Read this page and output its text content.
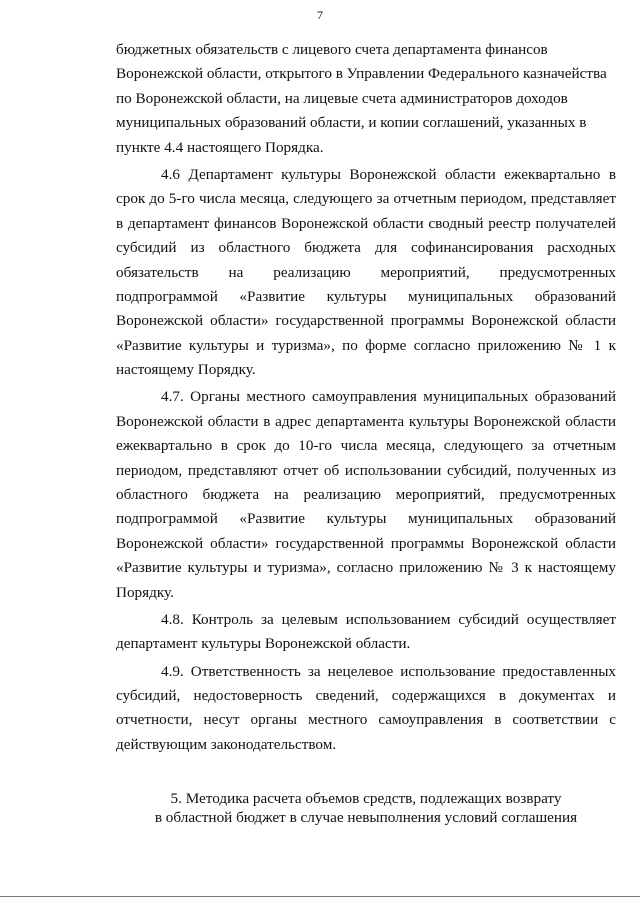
7
бюджетных обязательств с лицевого счета департамента финансов
Воронежской области, открытого в Управлении Федерального казначейства
по Воронежской области, на лицевые счета администраторов доходов
муниципальных образований области, и копии соглашений, указанных в
пункте 4.4 настоящего Порядка.

4.6 Департамент культуры Воронежской области ежеквартально в срок до 5-го числа месяца, следующего за отчетным периодом, представляет в департамент финансов Воронежской области сводный реестр получателей субсидий из областного бюджета для софинансирования расходных обязательств на реализацию мероприятий, предусмотренных подпрограммой «Развитие культуры муниципальных образований Воронежской области» государственной программы Воронежской области «Развитие культуры и туризма», по форме согласно приложению № 1 к настоящему Порядку.

4.7. Органы местного самоуправления муниципальных образований Воронежской области в адрес департамента культуры Воронежской области ежеквартально в срок до 10-го числа месяца, следующего за отчетным периодом, представляют отчет об использовании субсидий, полученных из областного бюджета на реализацию мероприятий, предусмотренных подпрограммой «Развитие культуры муниципальных образований Воронежской области» государственной программы Воронежской области «Развитие культуры и туризма», согласно приложению № 3 к настоящему Порядку.

4.8. Контроль за целевым использованием субсидий осуществляет департамент культуры Воронежской области.

4.9. Ответственность за нецелевое использование предоставленных субсидий, недостоверность сведений, содержащихся в документах и отчетности, несут органы местного самоуправления в соответствии с действующим законодательством.

5. Методика расчета объемов средств, подлежащих возврату
в областной бюджет в случае невыполнения условий соглашения
